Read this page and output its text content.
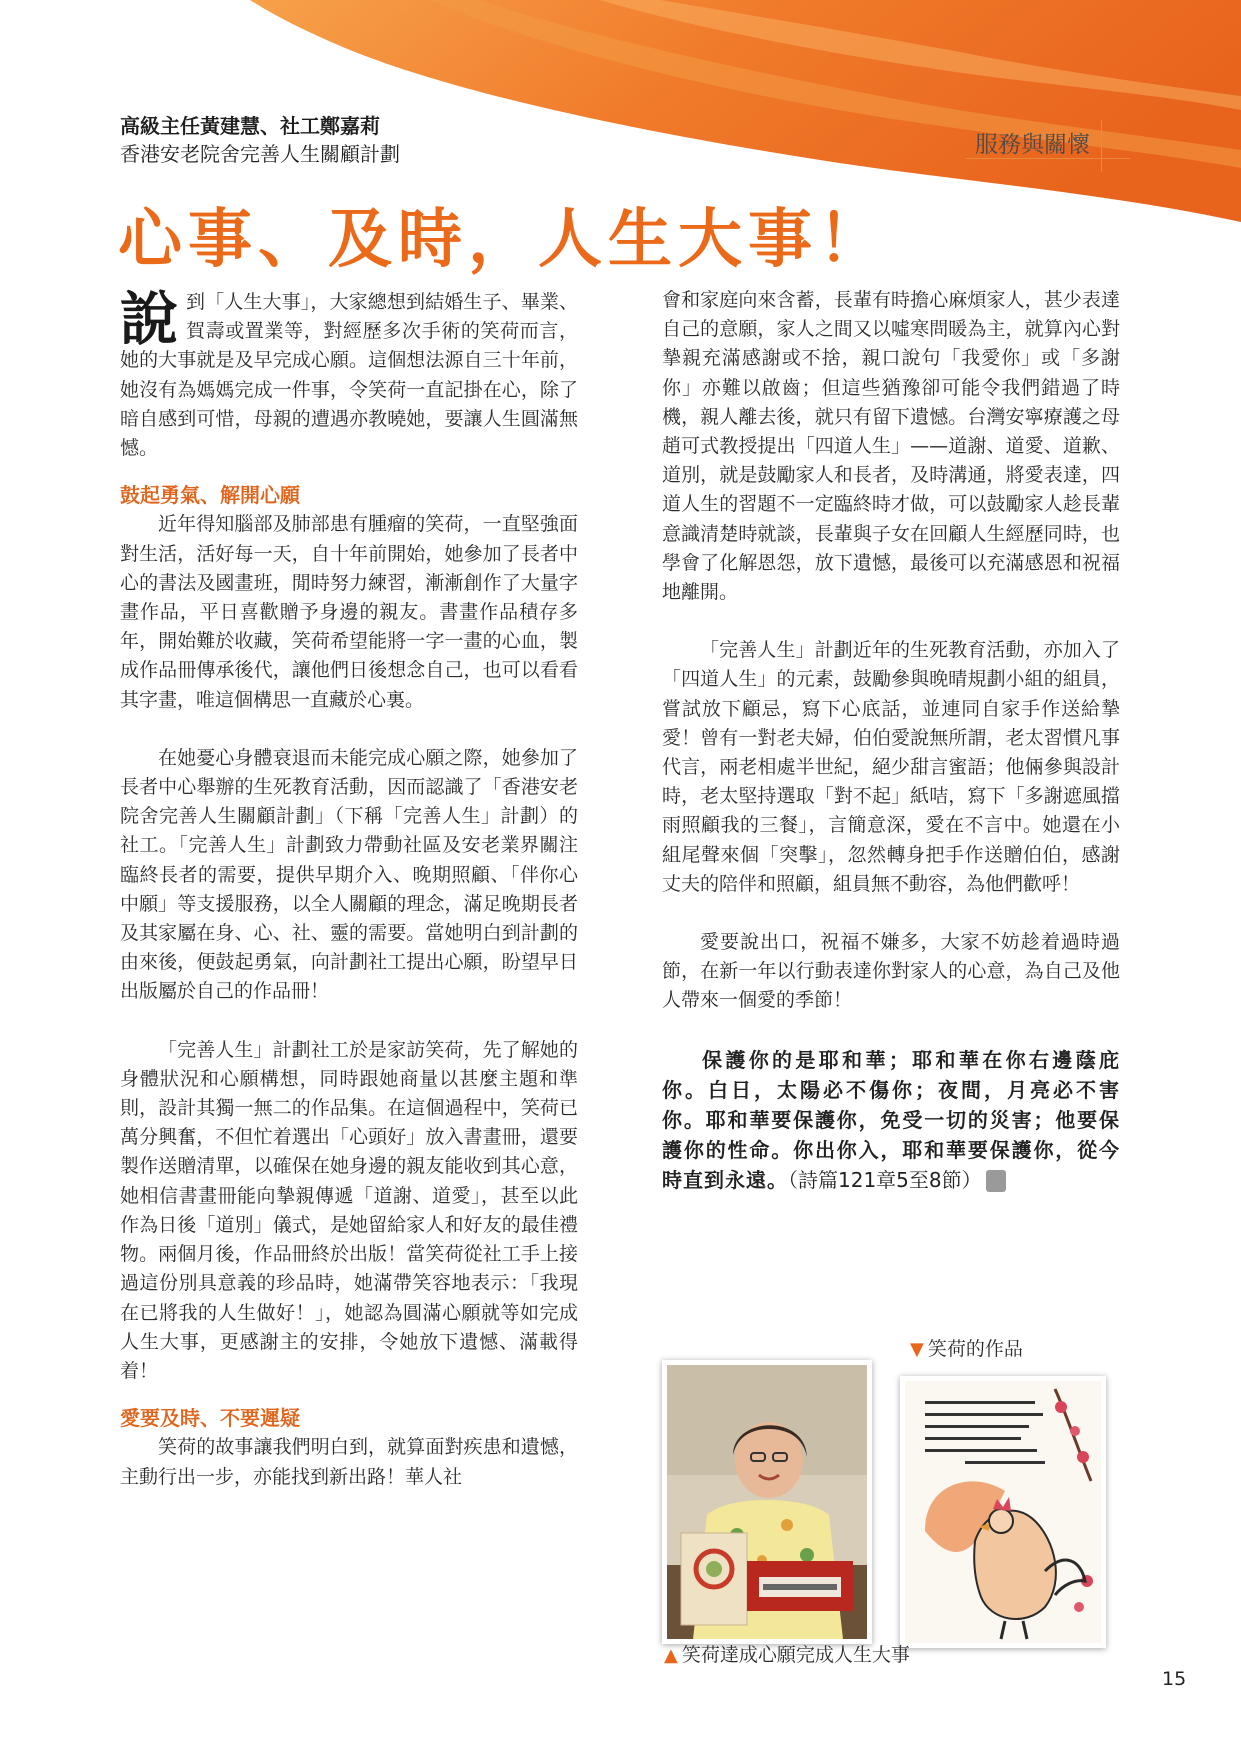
高級主任黃建慧、社工鄭嘉莉
香港安老院舍完善人生關顧計劃	服務與關懷
心事、及時，人生大事！

說到「人生大事」，大家總想到結婚生子、畢業、賀壽或置業等，對經歷多次手術的笑荷而言，她的大事就是及早完成心願。這個想法源自三十年前，她沒有為媽媽完成一件事，令笑荷一直記掛在心，除了暗自感到可惜，母親的遭遇亦教曉她，要讓人生圓滿無憾。

鼓起勇氣、解開心願

近年得知腦部及肺部患有腫瘤的笑荷，一直堅強面對生活，活好每一天，自十年前開始，她參加了長者中心的書法及國畫班，閒時努力練習，漸漸創作了大量字畫作品，平日喜歡贈予身邊的親友。書畫作品積存多年，開始難於收藏，笑荷希望能將一字一畫的心血，製成作品冊傳承後代，讓他們日後想念自己，也可以看看其字畫，唯這個構思一直藏於心裏。

在她憂心身體衰退而未能完成心願之際，她參加了長者中心舉辦的生死教育活動，因而認識了「香港安老院舍完善人生關顧計劃」（下稱「完善人生」計劃）的社工。「完善人生」計劃致力帶動社區及安老業界關注臨終長者的需要，提供早期介入、晚期照顧、「伴你心中願」等支援服務，以全人關顧的理念，滿足晚期長者及其家屬在身、心、社、靈的需要。當她明白到計劃的由來後，便鼓起勇氣，向計劃社工提出心願，盼望早日出版屬於自己的作品冊！

「完善人生」計劃社工於是家訪笑荷，先了解她的身體狀況和心願構想，同時跟她商量以甚麼主題和準則，設計其獨一無二的作品集。在這個過程中，笑荷已萬分興奮，不但忙着選出「心頭好」放入書畫冊，還要製作送贈清單，以確保在她身邊的親友能收到其心意，她相信書畫冊能向摯親傳遞「道謝、道愛」，甚至以此作為日後「道別」儀式，是她留給家人和好友的最佳禮物。兩個月後，作品冊終於出版！當笑荷從社工手上接過這份別具意義的珍品時，她滿帶笑容地表示：「我現在已將我的人生做好！」，她認為圓滿心願就等如完成人生大事，更感謝主的安排，令她放下遺憾、滿載得着！

愛要及時、不要遲疑

笑荷的故事讓我們明白到，就算面對疾患和遺憾，主動行出一步，亦能找到新出路！華人社

會和家庭向來含蓄，長輩有時擔心麻煩家人，甚少表達自己的意願，家人之間又以噓寒問暖為主，就算內心對摯親充滿感謝或不捨，親口說句「我愛你」或「多謝你」亦難以啟齒；但這些猶豫卻可能令我們錯過了時機，親人離去後，就只有留下遺憾。台灣安寧療護之母趙可式教授提出「四道人生」——道謝、道愛、道歉、道別，就是鼓勵家人和長者，及時溝通，將愛表達，四道人生的習題不一定臨終時才做，可以鼓勵家人趁長輩意識清楚時就談，長輩與子女在回顧人生經歷同時，也學會了化解恩怨，放下遺憾，最後可以充滿感恩和祝福地離開。

「完善人生」計劃近年的生死教育活動，亦加入了「四道人生」的元素，鼓勵參與晚晴規劃小組的組員，嘗試放下顧忌，寫下心底話，並連同自家手作送給摯愛！曾有一對老夫婦，伯伯愛說無所謂，老太習慣凡事代言，兩老相處半世紀，絕少甜言蜜語；他倆參與設計時，老太堅持選取「對不起」紙咭，寫下「多謝遮風擋雨照顧我的三餐」，言簡意深，愛在不言中。她還在小組尾聲來個「突擊」，忽然轉身把手作送贈伯伯，感謝丈夫的陪伴和照顧，組員無不動容，為他們歡呼！

愛要說出口，祝福不嫌多，大家不妨趁着過時過節，在新一年以行動表達你對家人的心意，為自己及他人帶來一個愛的季節！

保護你的是耶和華；耶和華在你右邊蔭庇你。白日，太陽必不傷你；夜間，月亮必不害你。耶和華要保護你，免受一切的災害；他要保護你的性命。你出你入，耶和華要保護你，從今時直到永遠。（詩篇121章5至8節）	S

▼ 笑荷的作品
▲ 笑荷達成心願完成人生大事
15
